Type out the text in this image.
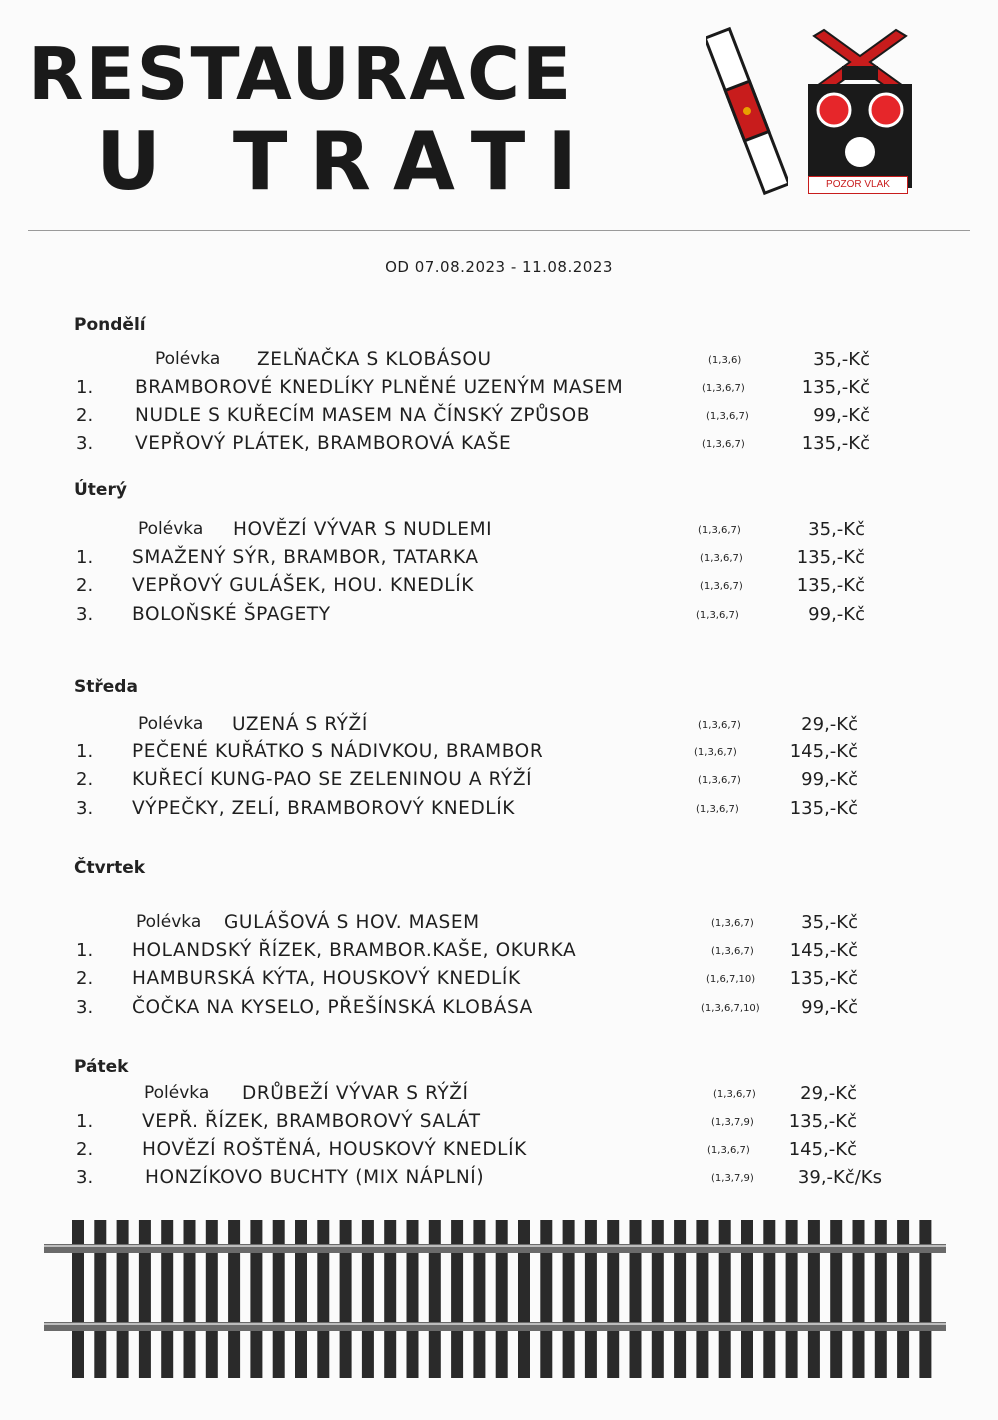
RESTAURACE
U TRATI	POZOR VLAK
OD 07.08.2023 - 11.08.2023
Pondělí
Polévka ZELŇAČKA S KLOBÁSOU	(1,3,6)	35,-Kč
1. BRAMBOROVÉ KNEDLÍKY PLNĚNÉ UZENÝM MASEM	(1,3,6,7)	135,-Kč
2. NUDLE S KUŘECÍM MASEM NA ČÍNSKÝ ZPŮSOB	(1,3,6,7)	99,-Kč
3. VEPŘOVÝ PLÁTEK, BRAMBOROVÁ KAŠE	(1,3,6,7)	135,-Kč
Úterý
Polévka HOVĚZÍ VÝVAR S NUDLEMI	(1,3,6,7)	35,-Kč
1. SMAŽENÝ SÝR, BRAMBOR, TATARKA	(1,3,6,7)	135,-Kč
2. VEPŘOVÝ GULÁŠEK, HOU. KNEDLÍK	(1,3,6,7)	135,-Kč
3. BOLOŇSKÉ ŠPAGETY	(1,3,6,7)	99,-Kč
Středa
Polévka UZENÁ S RÝŽÍ	(1,3,6,7)	29,-Kč
1. PEČENÉ KUŘÁTKO S NÁDIVKOU, BRAMBOR	(1,3,6,7)	145,-Kč
2. KUŘECÍ KUNG-PAO SE ZELENINOU A RÝŽÍ	(1,3,6,7)	99,-Kč
3. VÝPEČKY, ZELÍ, BRAMBOROVÝ KNEDLÍK	(1,3,6,7)	135,-Kč
Čtvrtek
Polévka GULÁŠOVÁ S HOV. MASEM	(1,3,6,7)	35,-Kč
1. HOLANDSKÝ ŘÍZEK, BRAMBOR.KAŠE, OKURKA	(1,3,6,7) 145,-Kč
2. HAMBURSKÁ KÝTA, HOUSKOVÝ KNEDLÍK	(1,6,7,10) 135,-Kč
3. ČOČKA NA KYSELO, PŘEŠÍNSKÁ KLOBÁSA	(1,3,6,7,10) 99,-Kč
Pátek
Polévka DRŮBEŽÍ VÝVAR S RÝŽÍ	(1,3,6,7) 29,-Kč
1.	VEPŘ. ŘÍZEK, BRAMBOROVÝ SALÁT	(1,3,7,9) 135,-Kč
2.	HOVĚZÍ ROŠTĚNÁ, HOUSKOVÝ KNEDLÍK	(1,3,6,7) 145,-Kč
3.	HONZÍKOVO BUCHTY (MIX NÁPLNÍ)	(1,3,7,9) 39,-Kč/Ks
